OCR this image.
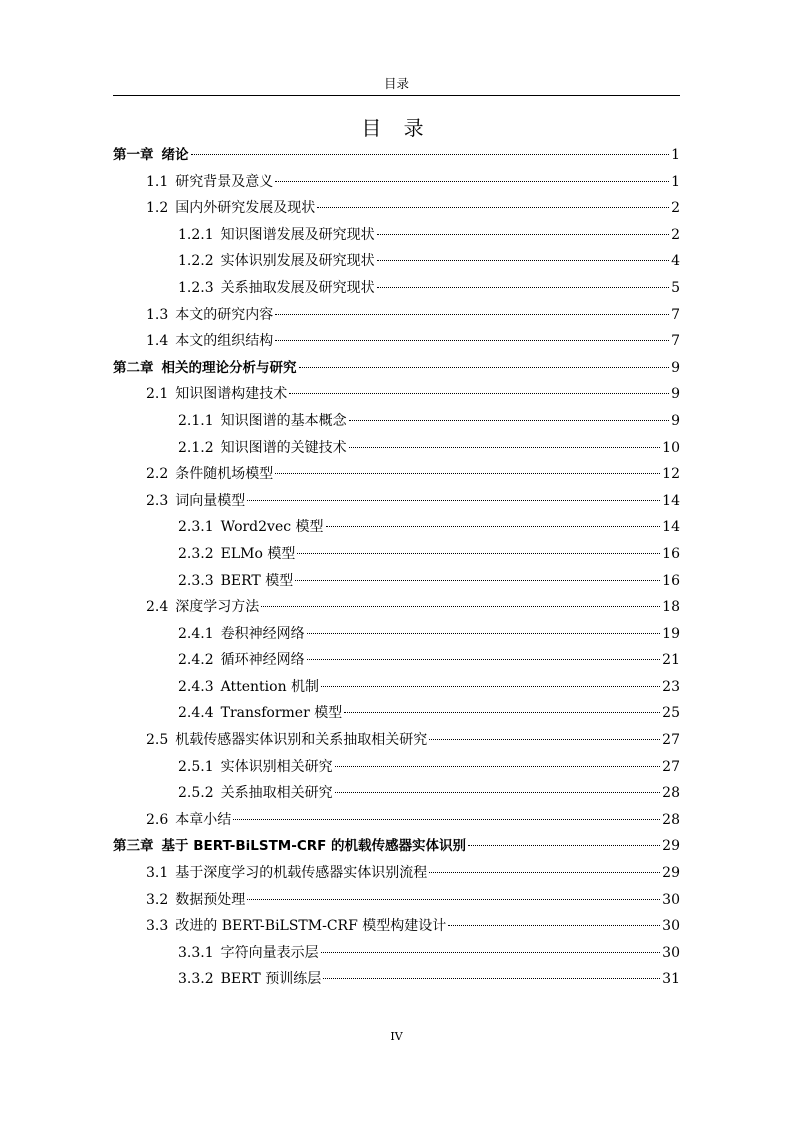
目录
目 录
第一章 绪论	1
1.1 研究背景及意义	1
1.2 国内外研究发展及现状	2
1.2.1 知识图谱发展及研究现状	2
1.2.2 实体识别发展及研究现状	4
1.2.3 关系抽取发展及研究现状	5
1.3 本文的研究内容	7
1.4 本文的组织结构	7
第二章 相关的理论分析与研究	9
2.1 知识图谱构建技术	9
2.1.1 知识图谱的基本概念	9
2.1.2 知识图谱的关键技术	10
2.2 条件随机场模型	12
2.3 词向量模型	14
2.3.1 Word2vec 模型	14
2.3.2 ELMo 模型	16
2.3.3 BERT 模型	16
2.4 深度学习方法	18
2.4.1 卷积神经网络	19
2.4.2 循环神经网络	21
2.4.3 Attention 机制	23
2.4.4 Transformer 模型	25
2.5 机载传感器实体识别和关系抽取相关研究	27
2.5.1 实体识别相关研究	27
2.5.2 关系抽取相关研究	28
2.6 本章小结	28
第三章 基于 BERT-BiLSTM-CRF 的机载传感器实体识别	29
3.1 基于深度学习的机载传感器实体识别流程	29
3.2 数据预处理	30
3.3 改进的 BERT-BiLSTM-CRF 模型构建设计	30
3.3.1 字符向量表示层	30
3.3.2 BERT 预训练层	31
IV
